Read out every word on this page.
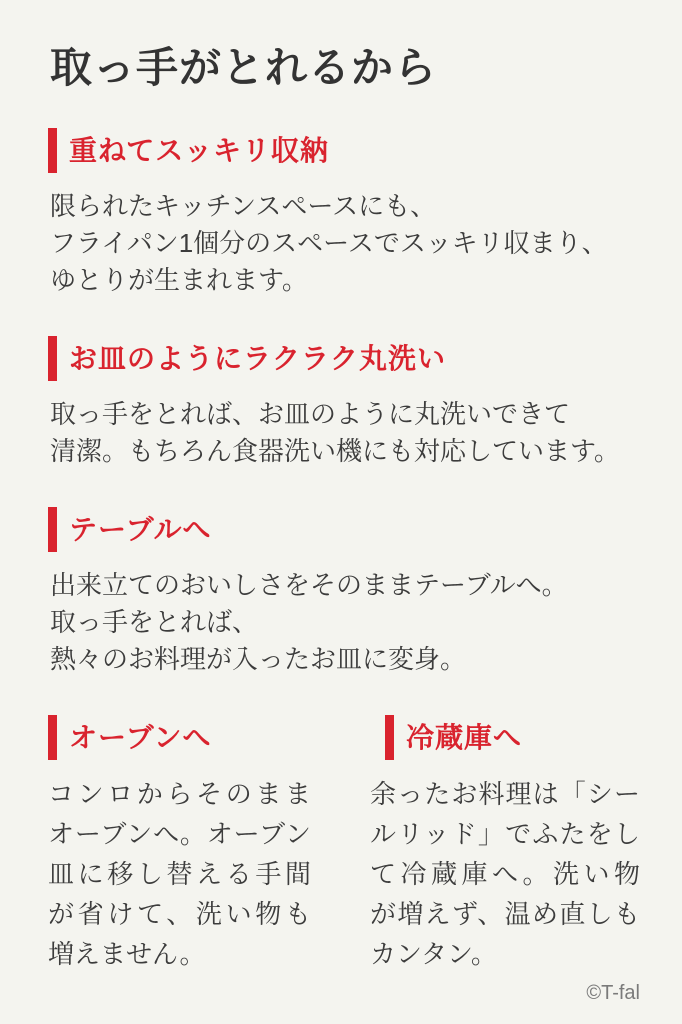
取っ手がとれるから
重ねてスッキリ収納
限られたキッチンスペースにも、
フライパン1個分のスペースでスッキリ収まり、
ゆとりが生まれます。
お皿のようにラクラク丸洗い
取っ手をとれば、お皿のように丸洗いできて
清潔。もちろん食器洗い機にも対応しています。
テーブルへ
出来立てのおいしさをそのままテーブルへ。
取っ手をとれば、
熱々のお料理が入ったお皿に変身。
オーブンへ
コンロからそのまま
オーブンへ。オーブン
皿に移し替える手間
が省けて、洗い物も
増えません。
冷蔵庫へ
余ったお料理は「シー
ルリッド」でふたをし
て冷蔵庫へ。洗い物
が増えず、温め直しも
カンタン。
©T-fal
